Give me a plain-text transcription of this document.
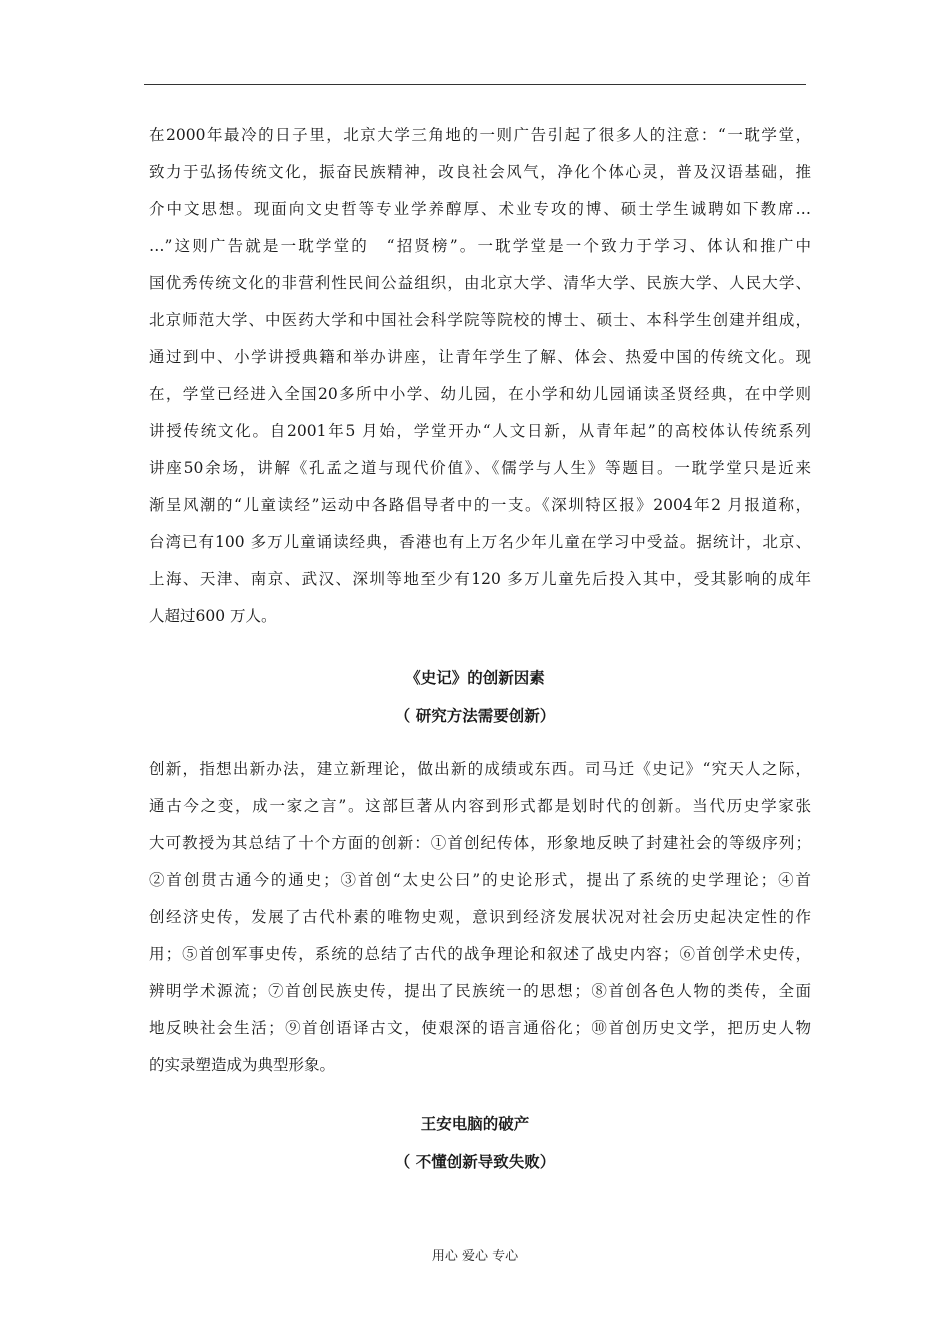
在2000年最冷的日子里，北京大学三角地的一则广告引起了很多人的注意：“一耽学堂，
致力于弘扬传统文化，振奋民族精神，改良社会风气，净化个体心灵，普及汉语基础，推
介中文思想。现面向文史哲等专业学养醇厚、术业专攻的博、硕士学生诚聘如下教席…
…”这则广告就是一耽学堂的　“招贤榜”。一耽学堂是一个致力于学习、体认和推广中
国优秀传统文化的非营利性民间公益组织，由北京大学、清华大学、民族大学、人民大学、
北京师范大学、中医药大学和中国社会科学院等院校的博士、硕士、本科学生创建并组成，
通过到中、小学讲授典籍和举办讲座，让青年学生了解、体会、热爱中国的传统文化。现
在，学堂已经进入全国20多所中小学、幼儿园，在小学和幼儿园诵读圣贤经典，在中学则
讲授传统文化。自2001年5 月始，学堂开办“人文日新，从青年起”的高校体认传统系列
讲座50余场，讲解《孔孟之道与现代价值》、《儒学与人生》等题目。一耽学堂只是近来
渐呈风潮的“儿童读经”运动中各路倡导者中的一支。《深圳特区报》2004年2 月报道称，
台湾已有100 多万儿童诵读经典，香港也有上万名少年儿童在学习中受益。据统计，北京、
上海、天津、南京、武汉、深圳等地至少有120 多万儿童先后投入其中，受其影响的成年
人超过600 万人。
《史记》的创新因素
（ 研究方法需要创新）
创新，指想出新办法，建立新理论，做出新的成绩或东西。司马迁《史记》“究天人之际，
通古今之变，成一家之言”。这部巨著从内容到形式都是划时代的创新。当代历史学家张
大可教授为其总结了十个方面的创新：①首创纪传体，形象地反映了封建社会的等级序列；
②首创贯古通今的通史；③首创“太史公曰”的史论形式，提出了系统的史学理论；④首
创经济史传，发展了古代朴素的唯物史观，意识到经济发展状况对社会历史起决定性的作
用；⑤首创军事史传，系统的总结了古代的战争理论和叙述了战史内容；⑥首创学术史传，
辨明学术源流；⑦首创民族史传，提出了民族统一的思想；⑧首创各色人物的类传，全面
地反映社会生活；⑨首创语译古文，使艰深的语言通俗化；⑩首创历史文学，把历史人物
的实录塑造成为典型形象。
王安电脑的破产
（ 不懂创新导致失败）
用心 爱心 专心
